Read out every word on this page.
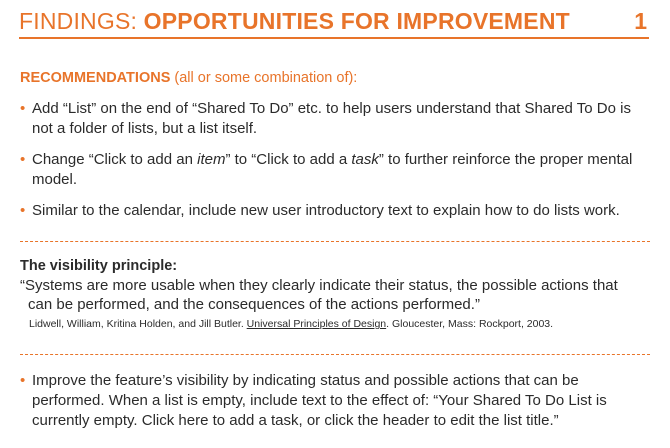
FINDINGS: OPPORTUNITIES FOR IMPROVEMENT	1
RECOMMENDATIONS (all or some combination of):
• Add “List” on the end of “Shared To Do” etc. to help users understand that Shared To Do is not a folder of lists, but a list itself.
• Change “Click to add an item” to “Click to add a task” to further reinforce the proper mental model.
• Similar to the calendar, include new user introductory text to explain how to do lists work.
The visibility principle:
“Systems are more usable when they clearly indicate their status, the possible actions that
can be performed, and the consequences of the actions performed.”
Lidwell, William, Kritina Holden, and Jill Butler. Universal Principles of Design. Gloucester, Mass: Rockport, 2003.
• Improve the feature’s visibility by indicating status and possible actions that can be performed. When a list is empty, include text to the effect of: “Your Shared To Do List is currently empty. Click here to add a task, or click the header to edit the list title.”
